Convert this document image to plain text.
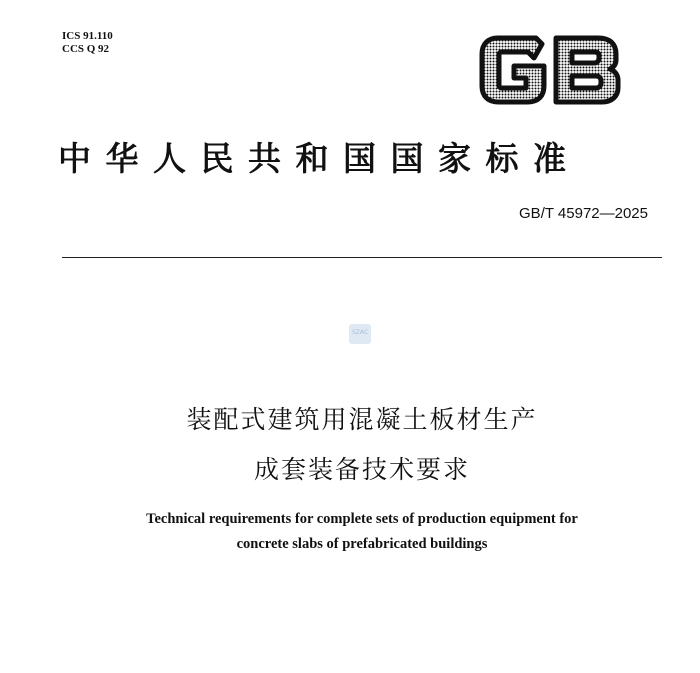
ICS 91.110
CCS Q 92
中华人民共和国国家标准
GB/T 45972—2025
SZAC
装配式建筑用混凝土板材生产
成套装备技术要求
Technical requirements for complete sets of production equipment for
concrete slabs of prefabricated buildings
